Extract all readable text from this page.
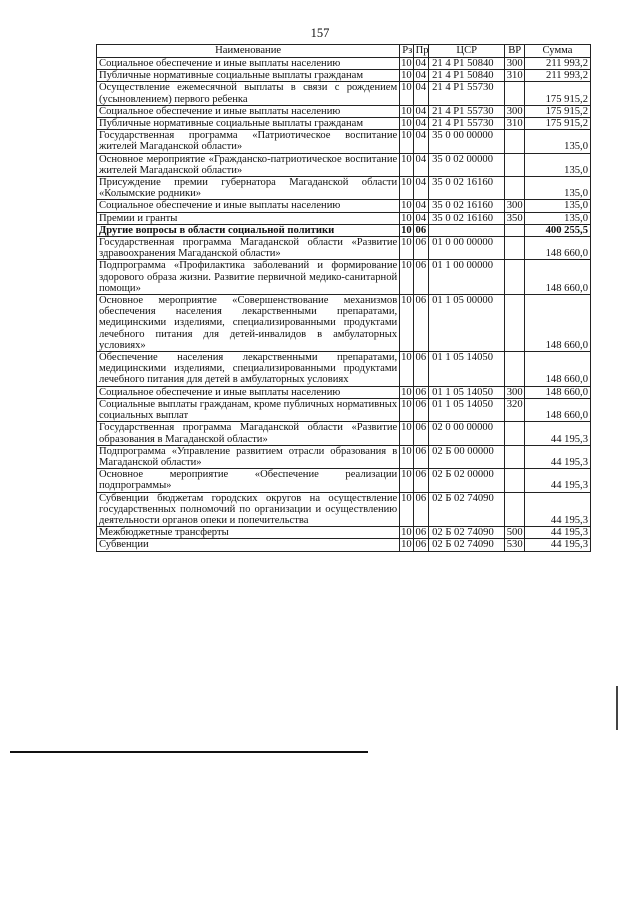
157
Наименование	Рз	Пр	ЦСР	ВР	Сумма
Социальное обеспечение и иные выплаты населению	10	04	21 4 Р1 50840	300	211 993,2
Публичные нормативные социальные выплаты гражданам	10	04	21 4 Р1 50840	310	211 993,2
Осуществление ежемесячной выплаты в связи с рождением (усыновлением) первого ребенка	10	04	21 4 Р1 55730		175 915,2
Социальное обеспечение и иные выплаты населению	10	04	21 4 Р1 55730	300	175 915,2
Публичные нормативные социальные выплаты гражданам	10	04	21 4 Р1 55730	310	175 915,2
Государственная программа «Патриотическое воспитание жителей Магаданской области»	10	04	35 0 00 00000		135,0
Основное мероприятие «Гражданско-патриотическое воспитание жителей Магаданской области»	10	04	35 0 02 00000		135,0
Присуждение премии губернатора Магаданской области «Колымские родники»	10	04	35 0 02 16160		135,0
Социальное обеспечение и иные выплаты населению	10	04	35 0 02 16160	300	135,0
Премии и гранты	10	04	35 0 02 16160	350	135,0
Другие вопросы в области социальной политики	10	06			400 255,5
Государственная программа Магаданской области «Развитие здравоохранения Магаданской области»	10	06	01 0 00 00000		148 660,0
Подпрограмма «Профилактика заболеваний и формирование здорового образа жизни. Развитие первичной медико-санитарной помощи»	10	06	01 1 00 00000		148 660,0
Основное мероприятие «Совершенствование механизмов обеспечения населения лекарственными препаратами, медицинскими изделиями, специализированными продуктами лечебного питания для детей-инвалидов в амбулаторных условиях»	10	06	01 1 05 00000		148 660,0
Обеспечение населения лекарственными препаратами, медицинскими изделиями, специализированными продуктами лечебного питания для детей в амбулаторных условиях	10	06	01 1 05 14050		148 660,0
Социальное обеспечение и иные выплаты населению	10	06	01 1 05 14050	300	148 660,0
Социальные выплаты гражданам, кроме публичных нормативных социальных выплат	10	06	01 1 05 14050	320	148 660,0
Государственная программа Магаданской области «Развитие образования в Магаданской области»	10	06	02 0 00 00000		44 195,3
Подпрограмма «Управление развитием отрасли образования в Магаданской области»	10	06	02 Б 00 00000		44 195,3
Основное мероприятие «Обеспечение реализации подпрограммы»	10	06	02 Б 02 00000		44 195,3
Субвенции бюджетам городских округов на осуществление государственных полномочий по организации и осуществлению деятельности органов опеки и попечительства	10	06	02 Б 02 74090		44 195,3
Межбюджетные трансферты	10	06	02 Б 02 74090	500	44 195,3
Субвенции	10	06	02 Б 02 74090	530	44 195,3
